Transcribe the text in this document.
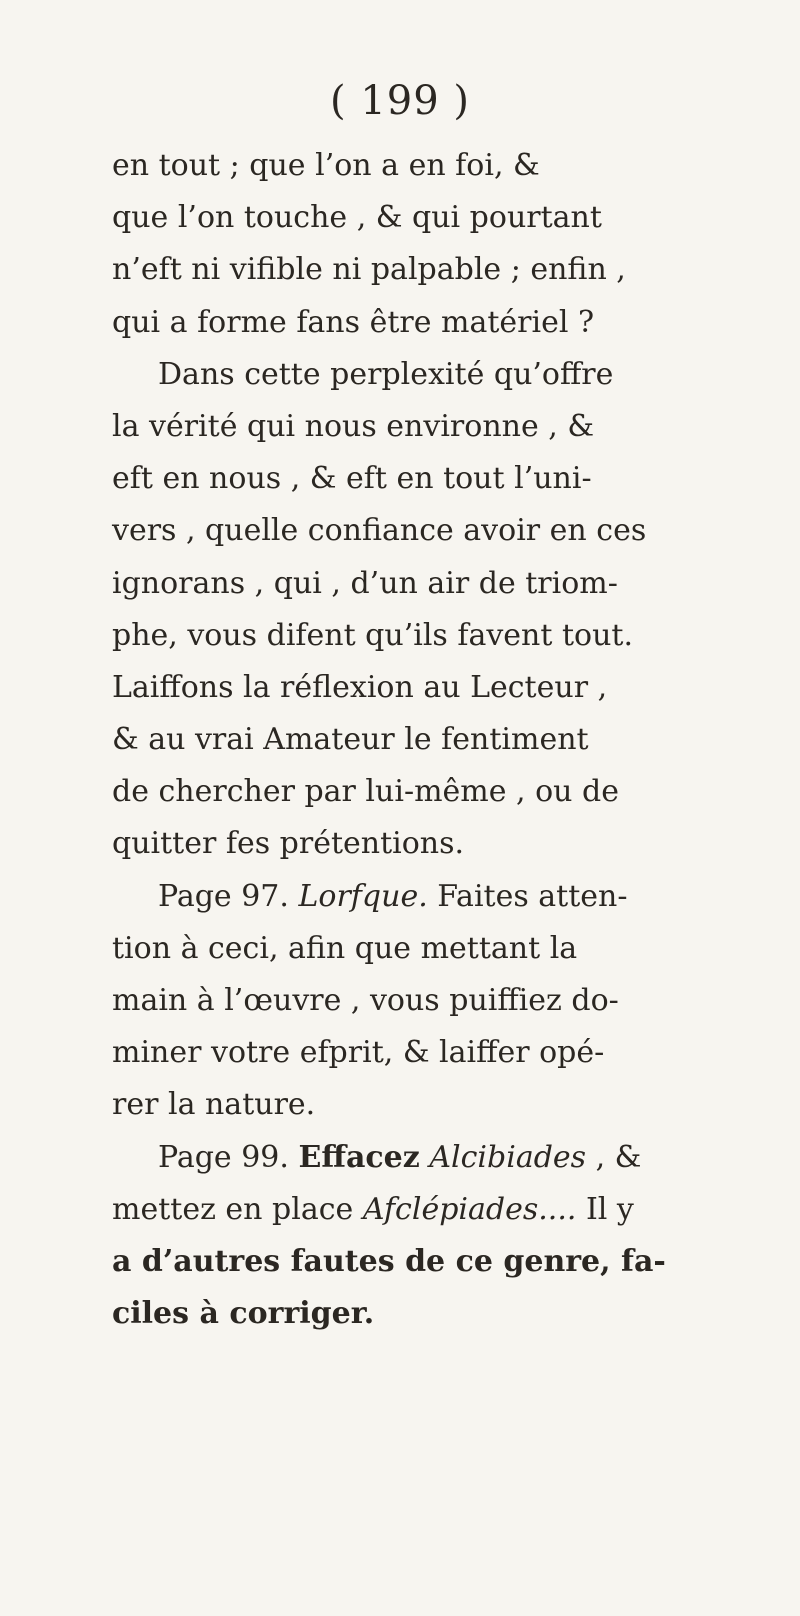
( 199 )
en tout ; que l’on a en foi, &
que l’on touche , & qui pourtant
n’eft ni vifible ni palpable ; enfin ,
qui a forme fans être matériel ?
Dans cette perplexité qu’offre
la vérité qui nous environne , &
eft en nous , & eft en tout l’uni-
vers , quelle confiance avoir en ces
ignorans , qui , d’un air de triom-
phe, vous difent qu’ils favent tout.
Laiffons la réflexion au Lecteur ,
& au vrai Amateur le fentiment
de chercher par lui-même , ou de
quitter fes prétentions.
Page 97. Lorfque. Faites atten-
tion à ceci, afin que mettant la
main à l’œuvre , vous puiffiez do-
miner votre efprit, & laiffer opé-
rer la nature.
Page 99. Effacez Alcibiades , &
mettez en place Afclépiades.... Il y
a d’autres fautes de ce genre, fa-
ciles à corriger.
